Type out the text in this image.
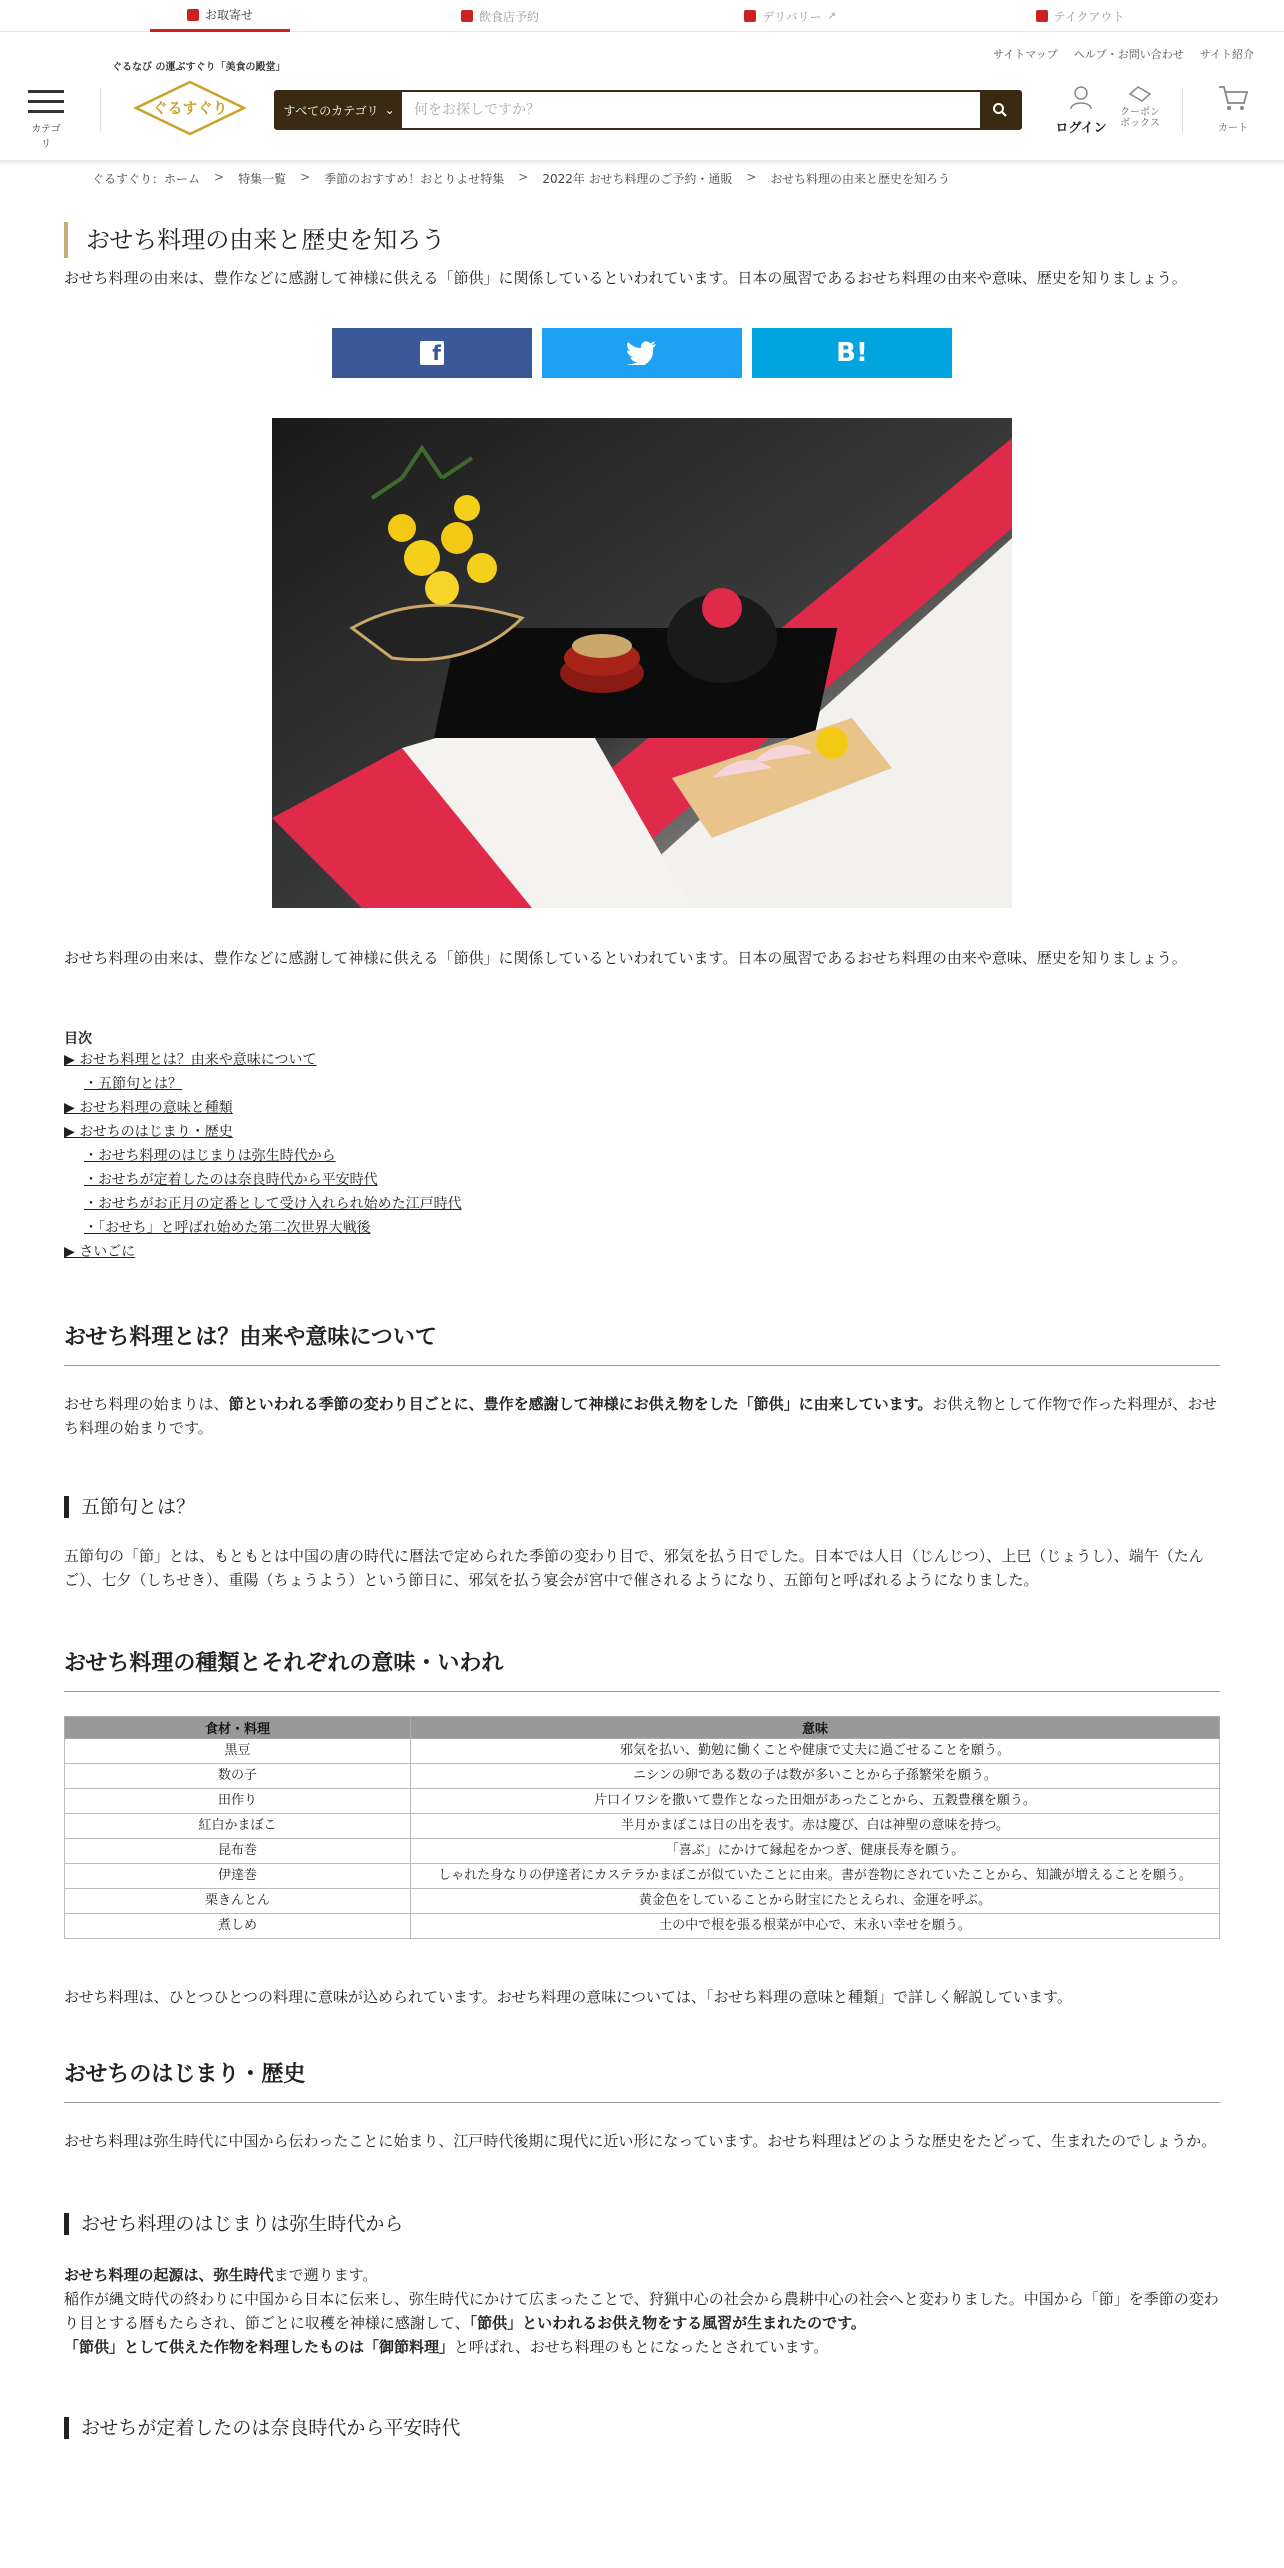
お取寄せ	飲食店予約	デリバリー ↗	テイクアウト
サイトマップ ヘルプ・お問い合わせ サイト紹介
カテゴリ
ぐるなび の運ぶすぐり「美食の殿堂」
ぐるすぐり	すべてのカテゴリ ⌄
何をお探しですか？
ログイン
クーポンボックス	カート
ぐるすぐり：ホーム > 特集一覧 > 季節のおすすめ！おとりよせ特集 > 2022年 おせち料理のご予約・通販 > おせち料理の由来と歴史を知ろう
おせち料理の由来と歴史を知ろう

おせち料理の由来は、豊作などに感謝して神様に供える「節供」に関係しているといわれています。日本の風習であるおせち料理の由来や意味、歴史を知りましょう。

f	B!

おせち料理の由来は、豊作などに感謝して神様に供える「節供」に関係しているといわれています。日本の風習であるおせち料理の由来や意味、歴史を知りましょう。

目次
▶ おせち料理とは？由来や意味について
・五節句とは？
▶ おせち料理の意味と種類
▶ おせちのはじまり・歴史
・おせち料理のはじまりは弥生時代から
・おせちが定着したのは奈良時代から平安時代
・おせちがお正月の定番として受け入れられ始めた江戸時代
・「おせち」と呼ばれ始めた第二次世界大戦後
▶ さいごに
おせち料理とは？由来や意味について

おせち料理の始まりは、節といわれる季節の変わり目ごとに、豊作を感謝して神様にお供え物をした「節供」に由来しています。お供え物として作物で作った料理が、おせち料理の始まりです。

五節句とは？

五節句の「節」とは、もともとは中国の唐の時代に暦法で定められた季節の変わり目で、邪気を払う日でした。日本では人日（じんじつ）、上巳（じょうし）、端午（たんご）、七夕（しちせき）、重陽（ちょうよう）という節日に、邪気を払う宴会が宮中で催されるようになり、五節句と呼ばれるようになりました。

おせち料理の種類とそれぞれの意味・いわれ
食材・料理	意味
黒豆	邪気を払い、勤勉に働くことや健康で丈夫に過ごせることを願う。
数の子	ニシンの卵である数の子は数が多いことから子孫繁栄を願う。
田作り	片口イワシを撒いて豊作となった田畑があったことから、五穀豊穣を願う。
紅白かまぼこ	半月かまぼこは日の出を表す。赤は慶び、白は神聖の意味を持つ。
昆布巻	「喜ぶ」にかけて縁起をかつぎ、健康長寿を願う。
伊達巻	しゃれた身なりの伊達者にカステラかまぼこが似ていたことに由来。書が巻物にされていたことから、知識が増えることを願う。
栗きんとん	黄金色をしていることから財宝にたとえられ、金運を呼ぶ。
煮しめ	土の中で根を張る根菜が中心で、末永い幸せを願う。

おせち料理は、ひとつひとつの料理に意味が込められています。おせち料理の意味については、「おせち料理の意味と種類」で詳しく解説しています。

おせちのはじまり・歴史

おせち料理は弥生時代に中国から伝わったことに始まり、江戸時代後期に現代に近い形になっています。おせち料理はどのような歴史をたどって、生まれたのでしょうか。

おせち料理のはじまりは弥生時代から

おせち料理の起源は、弥生時代まで遡ります。
稲作が縄文時代の終わりに中国から日本に伝来し、弥生時代にかけて広まったことで、狩猟中心の社会から農耕中心の社会へと変わりました。中国から「節」を季節の変わり目とする暦もたらされ、節ごとに収穫を神様に感謝して、「節供」といわれるお供え物をする風習が生まれたのです。
「節供」として供えた作物を料理したものは「御節料理」と呼ばれ、おせち料理のもとになったとされています。

おせちが定着したのは奈良時代から平安時代
